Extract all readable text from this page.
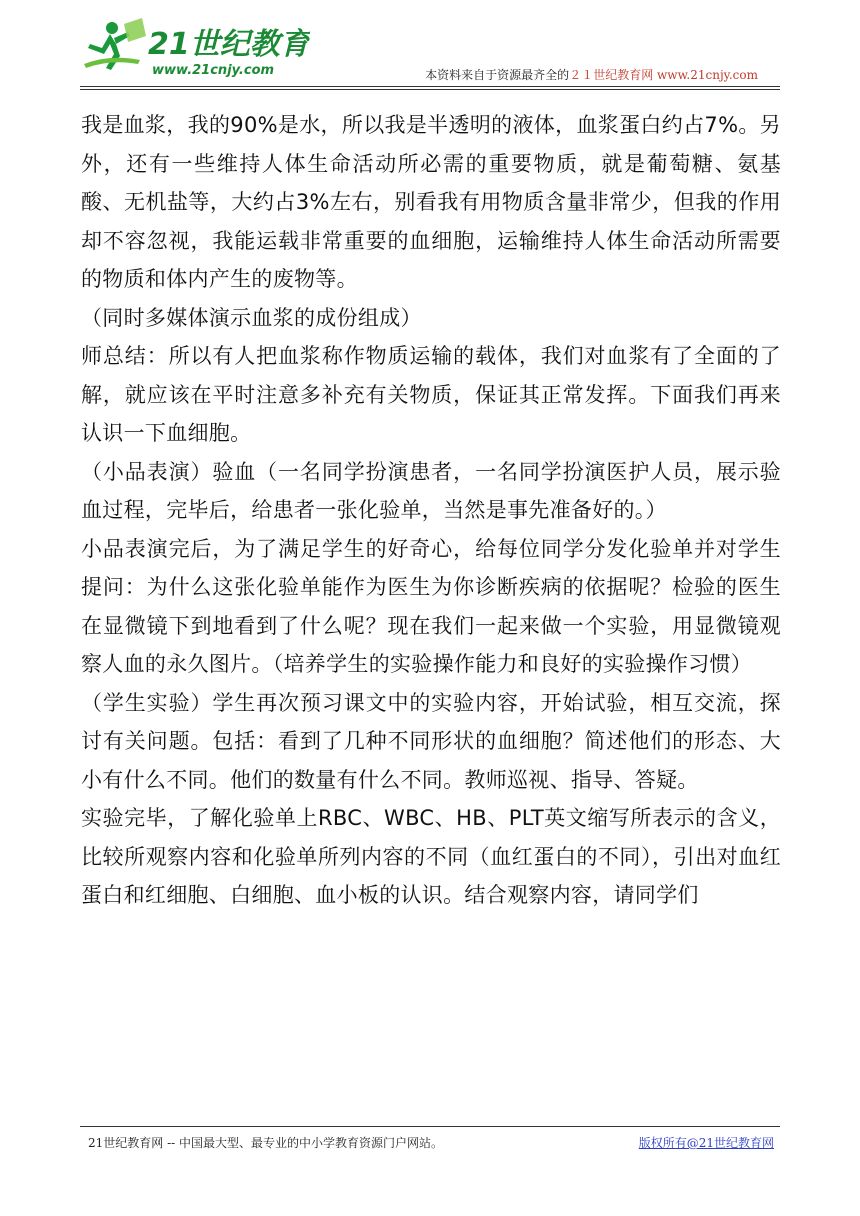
21世纪教育
www.21cnjy.com	本资料来自于资源最齐全的２１世纪教育网 www.21cnjy.com

我是血浆，我的90%是水，所以我是半透明的液体，血浆蛋白约占7%。另外，还有一些维持人体生命活动所必需的重要物质，就是葡萄糖、氨基酸、无机盐等，大约占3%左右，别看我有用物质含量非常少，但我的作用却不容忽视，我能运载非常重要的血细胞，运输维持人体生命活动所需要的物质和体内产生的废物等。

（同时多媒体演示血浆的成份组成）

师总结：所以有人把血浆称作物质运输的载体，我们对血浆有了全面的了解，就应该在平时注意多补充有关物质，保证其正常发挥。下面我们再来认识一下血细胞。

（小品表演）验血（一名同学扮演患者，一名同学扮演医护人员，展示验血过程，完毕后，给患者一张化验单，当然是事先准备好的。）

小品表演完后，为了满足学生的好奇心，给每位同学分发化验单并对学生提问：为什么这张化验单能作为医生为你诊断疾病的依据呢？检验的医生在显微镜下到地看到了什么呢？现在我们一起来做一个实验，用显微镜观察人血的永久图片。（培养学生的实验操作能力和良好的实验操作习惯）

（学生实验）学生再次预习课文中的实验内容，开始试验，相互交流，探讨有关问题。包括：看到了几种不同形状的血细胞？简述他们的形态、大小有什么不同。他们的数量有什么不同。教师巡视、指导、答疑。

实验完毕，了解化验单上RBC、WBC、HB、PLT英文缩写所表示的含义，比较所观察内容和化验单所列内容的不同（血红蛋白的不同），引出对血红蛋白和红细胞、白细胞、血小板的认识。结合观察内容，请同学们

21世纪教育网 -- 中国最大型、最专业的中小学教育资源门户网站。	版权所有@21世纪教育网
